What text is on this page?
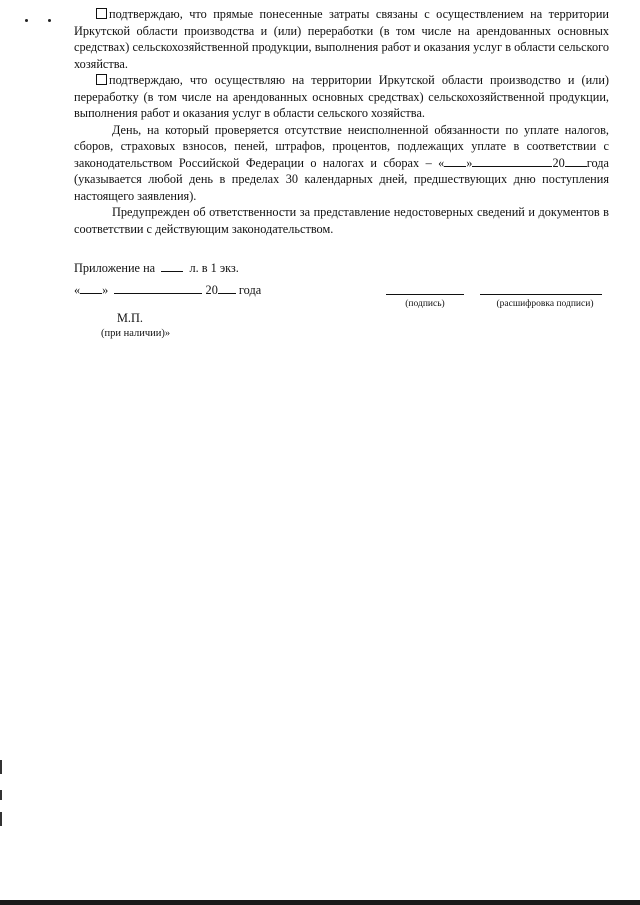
подтверждаю, что прямые понесенные затраты связаны с осуществлением на территории Иркутской области производства и (или) переработки (в том числе на арендованных основных средствах) сельскохозяйственной продукции, выполнения работ и оказания услуг в области сельского хозяйства.

подтверждаю, что осуществляю на территории Иркутской области производство и (или) переработку (в том числе на арендованных основных средствах) сельскохозяйственной продукции, выполнения работ и оказания услуг в области сельского хозяйства.

День, на который проверяется отсутствие неисполненной обязанности по уплате налогов, сборов, страховых взносов, пеней, штрафов, процентов, подлежащих уплате в соответствии с законодательством Российской Федерации о налогах и сборах – « »	20 года (указывается любой день в пределах 30 календарных дней, предшествующих дню поступления настоящего заявления).

Предупрежден об ответственности за представление недостоверных сведений и документов в соответствии с действующим законодательством.

Приложение на	л. в 1 экз.

« »	20 года
(подпись)	(расшифровка подписи)
М.П.
(при наличии)»
